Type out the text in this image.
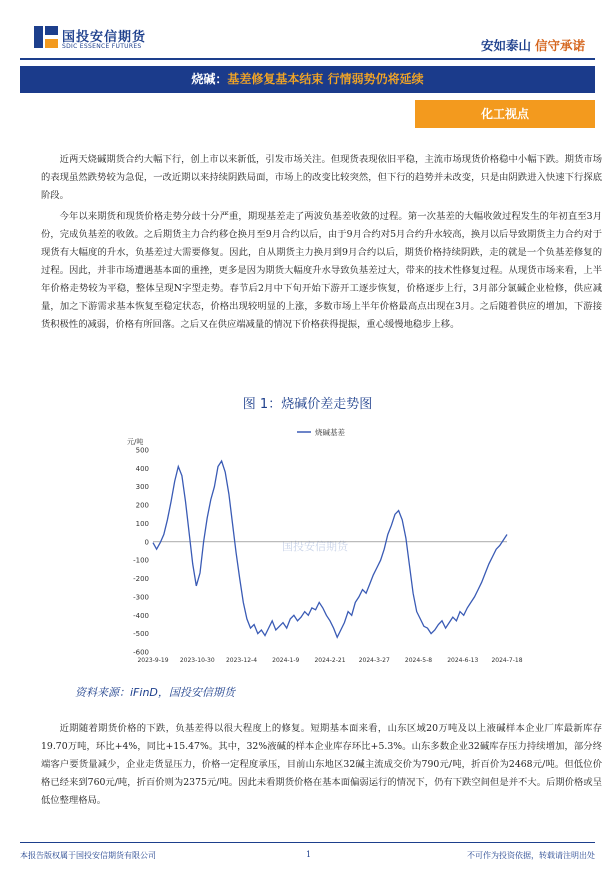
国投安信期货
SDIC ESSENCE FUTURES	安如泰山 信守承诺
烧碱：基差修复基本结束 行情弱势仍将延续
化工视点

近两天烧碱期货合约大幅下行，创上市以来新低，引发市场关注。但现货表现依旧平稳，主流市场现货价格稳中小幅下跌。期货市场的表现虽然跌势较为急促，一改近期以来持续阴跌局面，市场上的改变比较突然，但下行的趋势并未改变，只是由阴跌进入快速下行探底阶段。

今年以来期货和现货价格走势分歧十分严重，期现基差走了两波负基差收敛的过程。第一次基差的大幅收敛过程发生的年初直至3月份，完成负基差的收敛。之后期货主力合约移仓换月至9月合约以后，由于9月合约对5月合约升水较高，换月以后导致期货主力合约对于现货有大幅度的升水，负基差过大需要修复。因此，自从期货主力换月到9月合约以后，期货价格持续阴跌，走的就是一个负基差修复的过程。因此，并非市场遭遇基本面的重挫，更多是因为期货大幅度升水导致负基差过大，带来的技术性修复过程。从现货市场来看，上半年价格走势较为平稳，整体呈现N字型走势。春节后2月中下旬开始下游开工逐步恢复，价格逐步上行，3月部分氯碱企业检修，供应减量，加之下游需求基本恢复至稳定状态，价格出现较明显的上涨，多数市场上半年价格最高点出现在3月。之后随着供应的增加，下游接货积极性的减弱，价格有所回落。之后又在供应端减量的情况下价格获得提振，重心缓慢地稳步上移。

图 1：烧碱价差走势图
烧碱基差
元/吨
国投安信期货
-600
-500
-400
-300
-200
-100
0
100
200
300
400
500
2023-9-19 2023-10-30 2023-12-4	2024-1-9	2024-2-21 2024-3-27	2024-5-8	2024-6-13 2024-7-18
资料来源：iFinD，国投安信期货

近期随着期货价格的下跌，负基差得以很大程度上的修复。短期基本面来看，山东区域20万吨及以上液碱样本企业厂库最新库存19.70万吨，环比+4%，同比+15.47%。其中，32%液碱的样本企业库存环比+5.3%。山东多数企业32碱库存压力持续增加，部分终端客户要货量减少，企业走货显压力，价格一定程度承压，目前山东地区32碱主流成交价为790元/吨，折百价为2468元/吨。但低位价格已经来到760元/吨，折百价则为2375元/吨。因此未看期货价格在基本面偏弱运行的情况下，仍有下跌空间但是并不大。后期价格或呈低位整理格局。

本报告版权属于国投安信期货有限公司	1	不可作为投资依据，转载请注明出处
